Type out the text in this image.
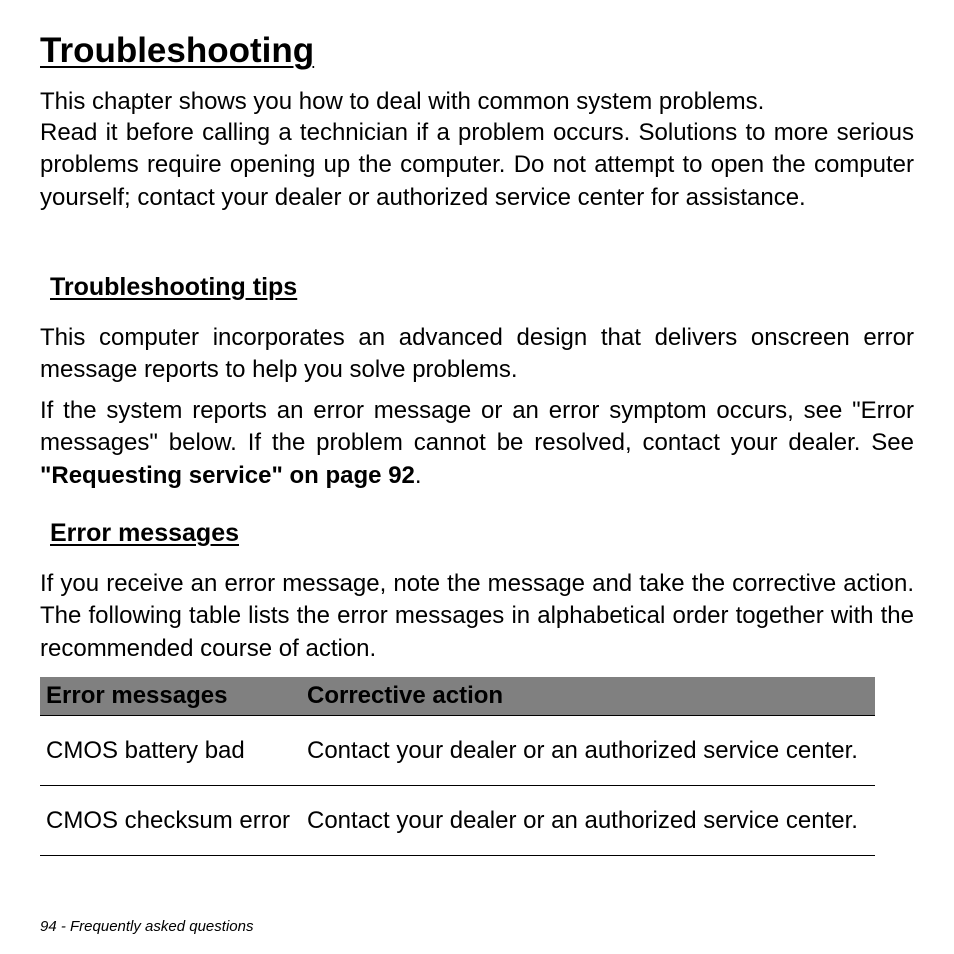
Troubleshooting

This chapter shows you how to deal with common system problems.

Read it before calling a technician if a problem occurs. Solutions to more serious problems require opening up the computer. Do not attempt to open the computer yourself; contact your dealer or authorized service center for assistance.

Troubleshooting tips

This computer incorporates an advanced design that delivers onscreen error message reports to help you solve problems.

If the system reports an error message or an error symptom occurs, see "Error messages" below. If the problem cannot be resolved, contact your dealer. See "Requesting service" on page 92.

Error messages

If you receive an error message, note the message and take the corrective action. The following table lists the error messages in alphabetical order together with the recommended course of action.

Error messages	Corrective action
CMOS battery bad	Contact your dealer or an authorized service center.
CMOS checksum error	Contact your dealer or an authorized service center.
94 - Frequently asked questions
